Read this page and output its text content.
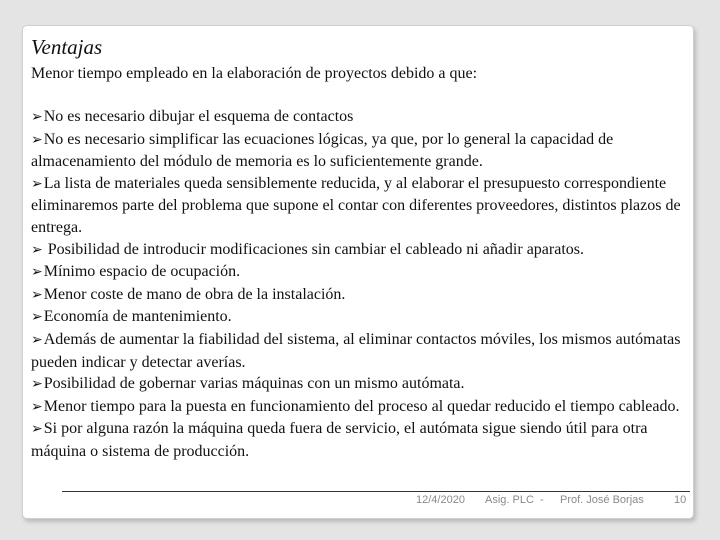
Ventajas
Menor tiempo empleado en la elaboración de proyectos debido a que:
➢No es necesario dibujar el esquema de contactos
➢No es necesario simplificar las ecuaciones lógicas, ya que, por lo general la capacidad de almacenamiento del módulo de memoria es lo suficientemente grande.
➢La lista de materiales queda sensiblemente reducida, y al elaborar el presupuesto correspondiente eliminaremos parte del problema que supone el contar con diferentes proveedores, distintos plazos de entrega.
➢ Posibilidad de introducir modificaciones sin cambiar el cableado ni añadir aparatos.
➢Mínimo espacio de ocupación.
➢Menor coste de mano de obra de la instalación.
➢Economía de mantenimiento.
➢Además de aumentar la fiabilidad del sistema, al eliminar contactos móviles, los mismos autómatas pueden indicar y detectar averías.
➢Posibilidad de gobernar varias máquinas con un mismo autómata.
➢Menor tiempo para la puesta en funcionamiento del proceso al quedar reducido el tiempo cableado.
➢Si por alguna razón la máquina queda fuera de servicio, el autómata sigue siendo útil para otra máquina o sistema de producción.
12/4/2020 Asig. PLC - Prof. José Borjas	10
